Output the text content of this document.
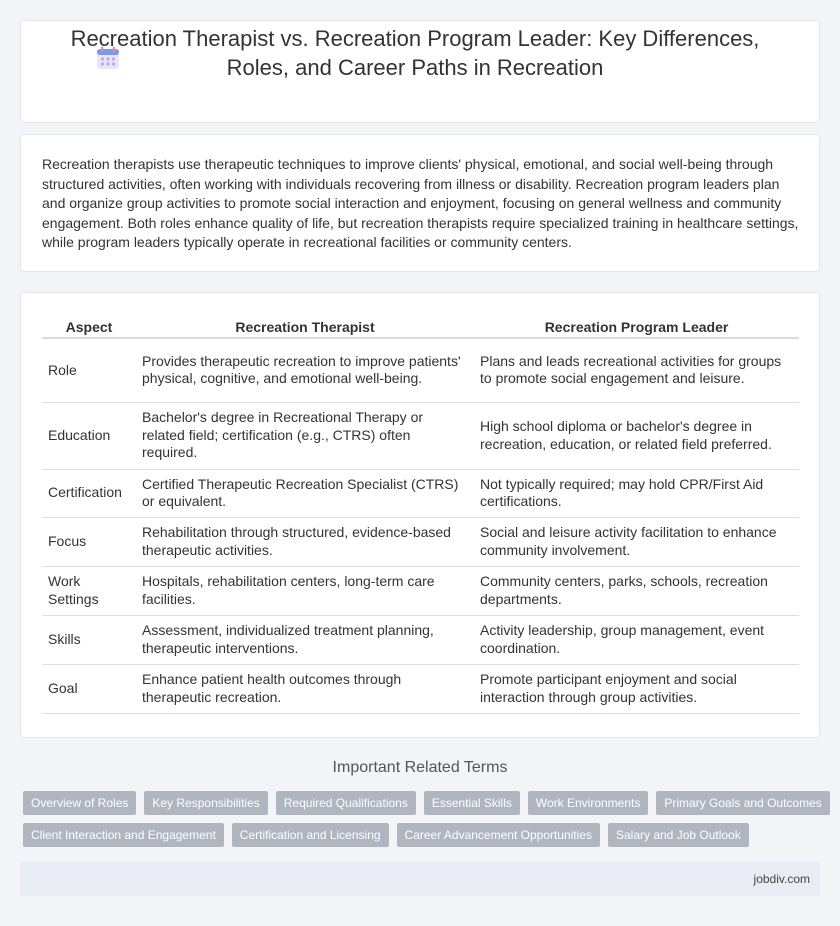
Recreation Therapist vs. Recreation Program Leader: Key Differences, Roles, and Career Paths in Recreation

Recreation therapists use therapeutic techniques to improve clients' physical, emotional, and social well-being through structured activities, often working with individuals recovering from illness or disability. Recreation program leaders plan and organize group activities to promote social interaction and enjoyment, focusing on general wellness and community engagement. Both roles enhance quality of life, but recreation therapists require specialized training in healthcare settings, while program leaders typically operate in recreational facilities or community centers.

Aspect	Recreation Therapist	Recreation Program Leader
Role	Provides therapeutic recreation to improve patients' physical, cognitive, and emotional well-being.	Plans and leads recreational activities for groups to promote social engagement and leisure.
Education	Bachelor's degree in Recreational Therapy or related field; certification (e.g., CTRS) often required.	High school diploma or bachelor's degree in recreation, education, or related field preferred.
Certification	Certified Therapeutic Recreation Specialist (CTRS) or equivalent.	Not typically required; may hold CPR/First Aid certifications.
Focus	Rehabilitation through structured, evidence-based therapeutic activities.	Social and leisure activity facilitation to enhance community involvement.
Work Settings	Hospitals, rehabilitation centers, long-term care facilities.	Community centers, parks, schools, recreation departments.
Skills	Assessment, individualized treatment planning, therapeutic interventions.	Activity leadership, group management, event coordination.
Goal	Enhance patient health outcomes through therapeutic recreation.	Promote participant enjoyment and social interaction through group activities.
Important Related Terms
Overview of Roles	Key Responsibilities	Required Qualifications	Essential Skills	Work Environments	Primary Goals and Outcomes
Client Interaction and Engagement	Certification and Licensing	Career Advancement Opportunities	Salary and Job Outlook
jobdiv.com
